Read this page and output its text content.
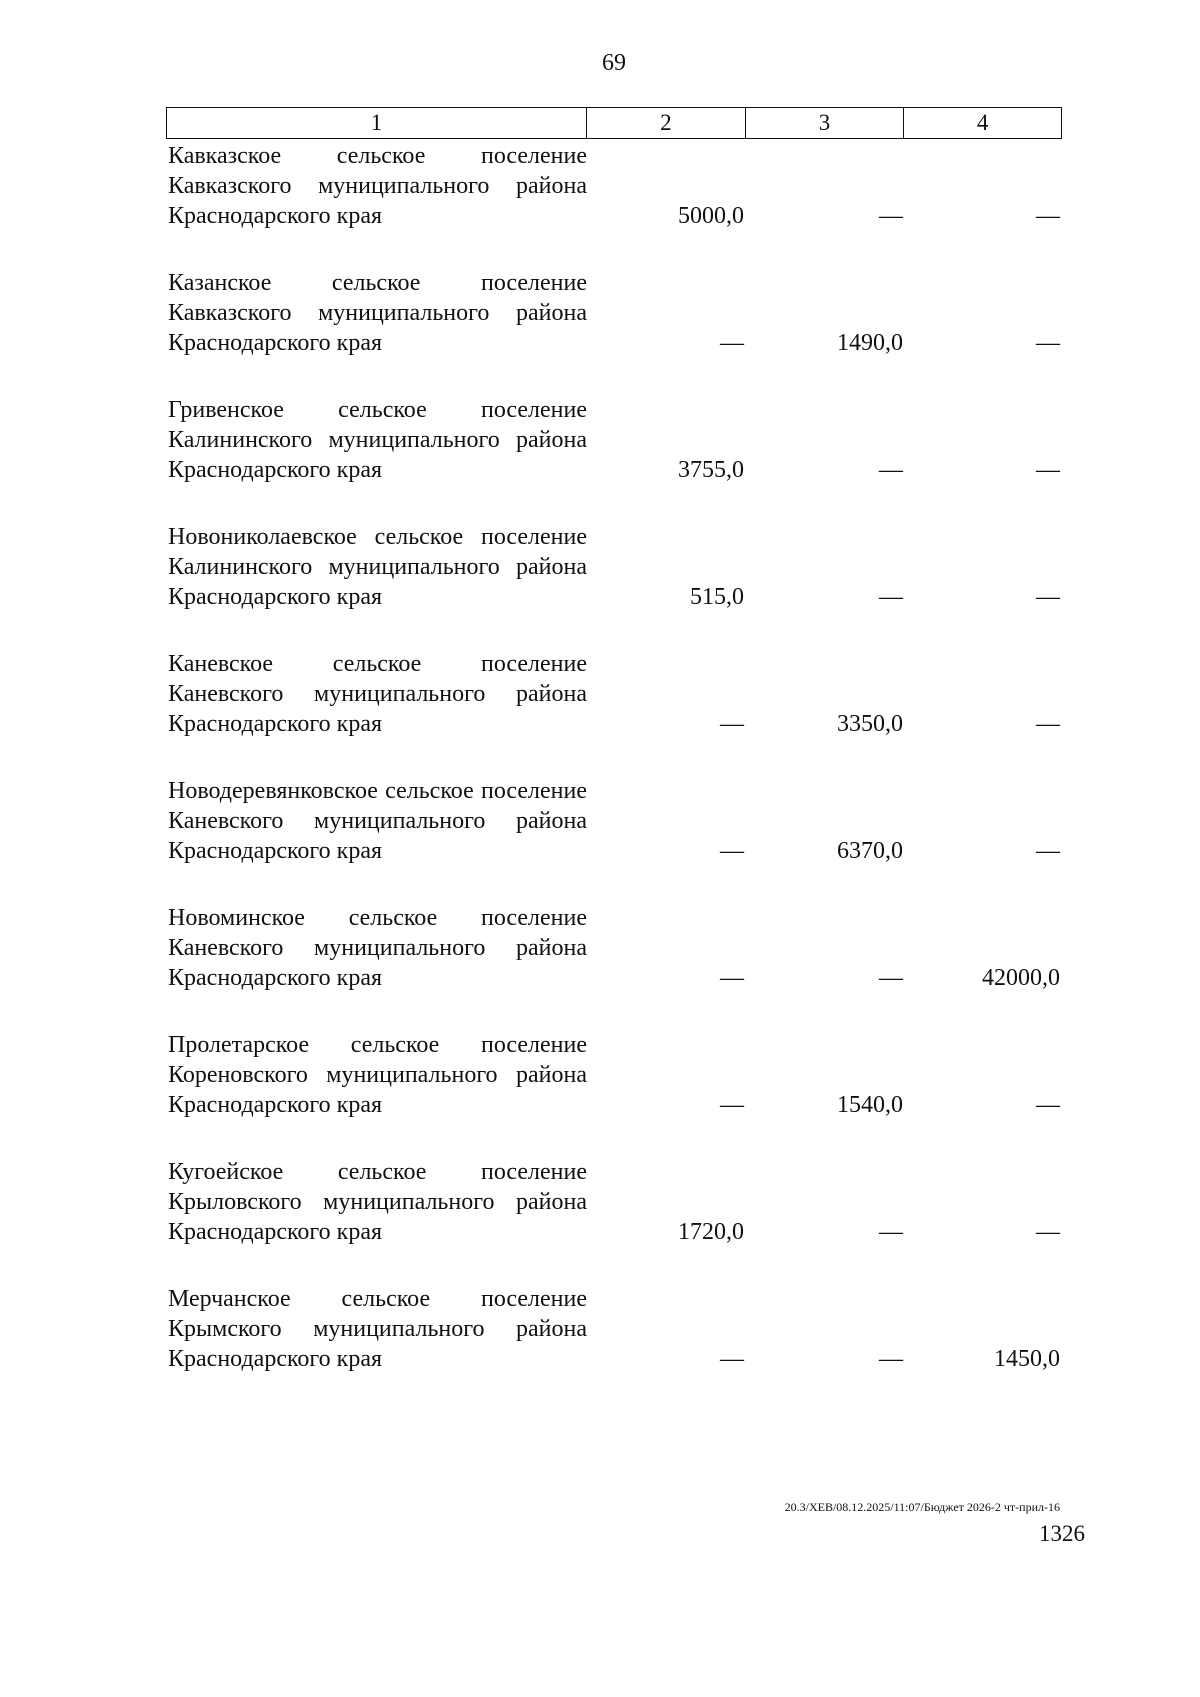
69
1	2	3	4
Кавказское сельское поселение Кавказского муниципального района Краснодарского края	5000,0	—	—
Казанское сельское поселение Кавказского муниципального района Краснодарского края	—	1490,0	—
Гривенское сельское поселение Калининского муниципального района Краснодарского края	3755,0	—	—
Новониколаевское сельское поселение Калининского муниципального района Краснодарского края	515,0	—	—
Каневское сельское поселение Каневского муниципального района Краснодарского края	—	3350,0	—
Новодеревянковское сельское поселение Каневского муниципального района Краснодарского края	—	6370,0	—
Новоминское сельское поселение Каневского муниципального района Краснодарского края	—	—	42000,0
Пролетарское сельское поселение Кореновского муниципального района Краснодарского края	—	1540,0	—
Кугоейское сельское поселение Крыловского муниципального района Краснодарского края	1720,0	—	—
Мерчанское сельское поселение Крымского муниципального района Краснодарского края	—	—	1450,0
20.3/ХЕВ/08.12.2025/11:07/Бюджет 2026-2 чт-прил-16
1326
